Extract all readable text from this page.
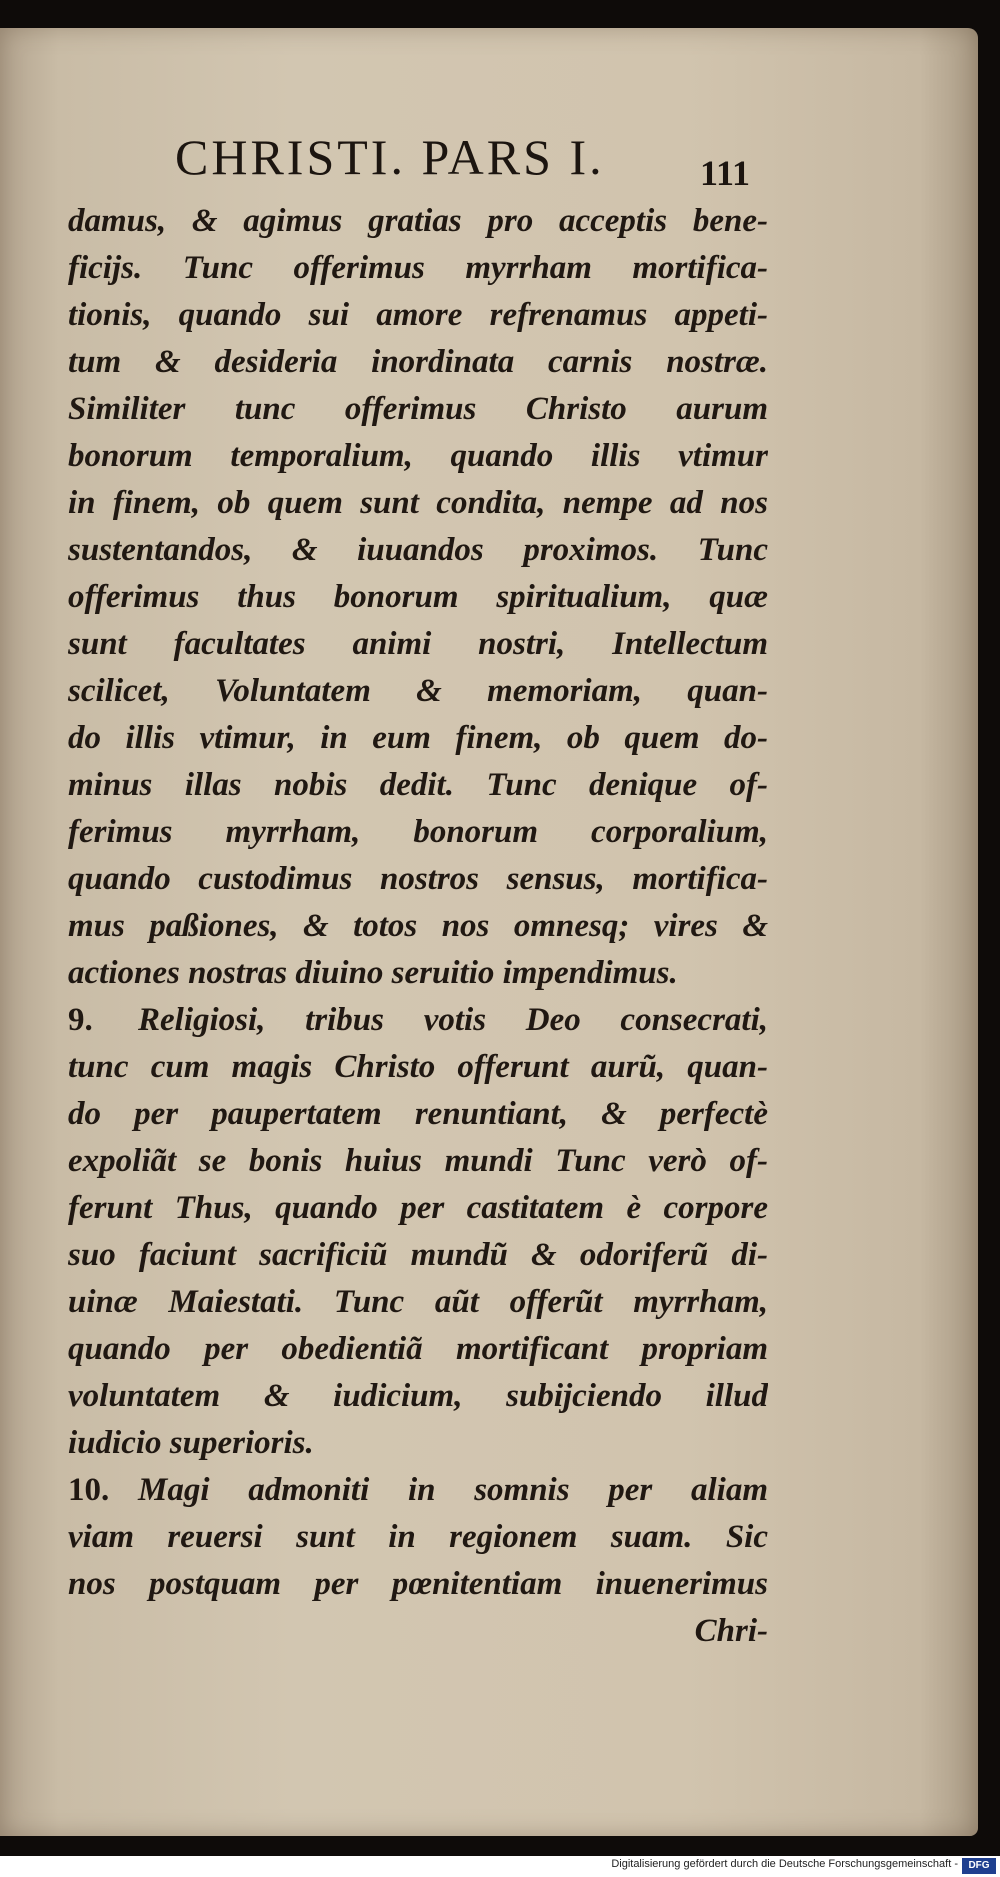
CHRISTI. PARS I.	111
damus, & agimus gratias pro acceptis bene-
ficijs. Tunc offerimus myrrham mortifica-
tionis, quando sui amore refrenamus appeti-
tum & desideria inordinata carnis nostræ.
Similiter tunc offerimus Christo aurum
bonorum temporalium, quando illis vtimur
in finem, ob quem sunt condita, nempe ad nos
sustentandos, & iuuandos proximos. Tunc
offerimus thus bonorum spiritualium, quæ
sunt facultates animi nostri, Intellectum
scilicet, Voluntatem & memoriam, quan-
do illis vtimur, in eum finem, ob quem do-
minus illas nobis dedit. Tunc denique of-
ferimus myrrham, bonorum corporalium,
quando custodimus nostros sensus, mortifica-
mus paßiones, & totos nos omnesq; vires &
actiones nostras diuino seruitio impendimus.
9. Religiosi, tribus votis Deo consecrati,
tunc cum magis Christo offerunt aurũ, quan-
do per paupertatem renuntiant, & perfectè
expoliãt se bonis huius mundi Tunc verò of-
ferunt Thus, quando per castitatem è corpore
suo faciunt sacrificiũ mundũ & odoriferũ di-
uinæ Maiestati. Tunc aũt offerũt myrrham,
quando per obedientiã mortificant propriam
voluntatem & iudicium, subijciendo illud
iudicio superioris.
10. Magi admoniti in somnis per aliam
viam reuersi sunt in regionem suam. Sic
nos postquam per pœnitentiam inuenerimus
Chri-
Digitalisierung gefördert durch die Deutsche Forschungsgemeinschaft -	DFG
